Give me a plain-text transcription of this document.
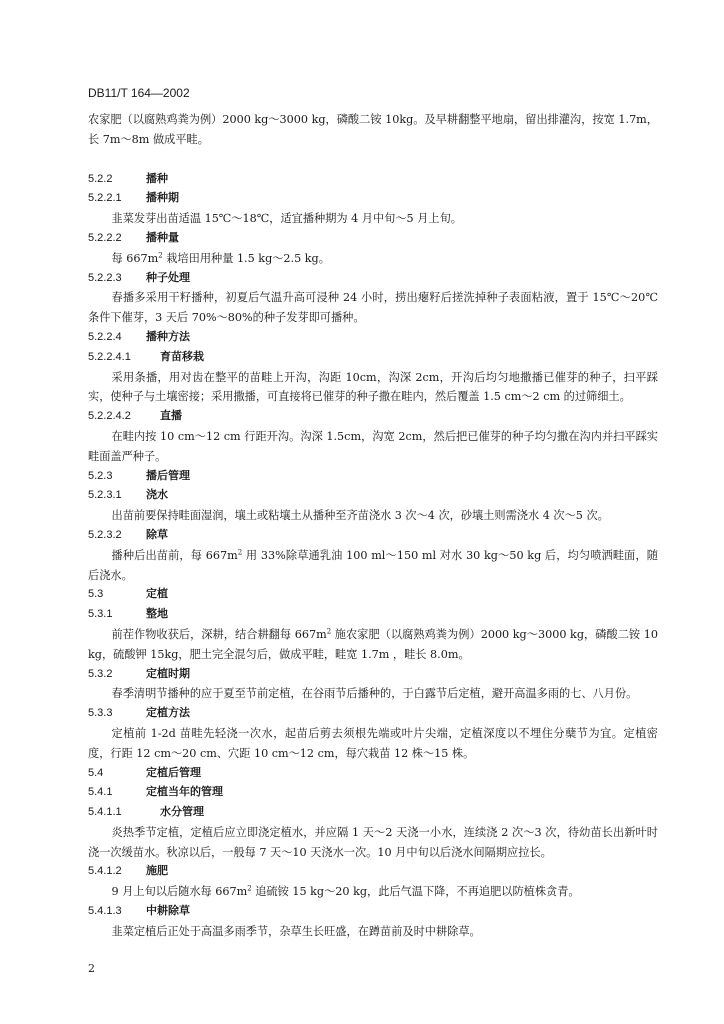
DB11/T 164—2002

农家肥（以腐熟鸡粪为例）2000 kg～3000 kg，磷酸二铵 10kg。及早耕翻整平地扇，留出排灌沟，按宽 1.7m，长 7m～8m 做成平畦。

5.2.2	播种

5.2.2.1 播种期

韭菜发芽出苗适温 15℃～18℃，适宜播种期为 4 月中旬～5 月上旬。

5.2.2.2 播种量

每 $667m^2$ 栽培田用种量 1.5 kg～2.5 kg。

5.2.2.3 种子处理

春播多采用干籽播种，初夏后气温升高可浸种 24 小时，捞出瘪籽后搓洗掉种子表面粘液，置于 15℃～20℃条件下催芽，3 天后 70%～80%的种子发芽即可播种。

5.2.2.4 播种方法

5.2.2.4.1	育苗移栽

采用条播，用对齿在整平的苗畦上开沟，沟距 10cm，沟深 2cm，开沟后均匀地撒播已催芽的种子，扫平踩实，使种子与土壤密接；采用撒播，可直接将已催芽的种子撒在畦内，然后覆盖 1.5 cm～2 cm 的过筛细土。

5.2.2.4.2	直播

在畦内按 10 cm～12 cm 行距开沟。沟深 1.5cm，沟宽 2cm，然后把已催芽的种子均匀撒在沟内并扫平踩实畦面盖严种子。

5.2.3	播后管理

5.2.3.1 浇水

出苗前要保持畦面湿润，壤土或粘壤土从播种至齐苗浇水 3 次～4 次，砂壤土则需浇水 4 次～5 次。

5.2.3.2 除草

播种后出苗前，每 $667m^2$ 用 33%除草通乳油 100 ml～150 ml 对水 30 kg～50 kg 后，均匀喷洒畦面，随后浇水。

5.3	定植

5.3.1	整地

前茬作物收获后，深耕，结合耕翻每 $667m^2$ 施农家肥（以腐熟鸡粪为例）2000 kg～3000 kg，磷酸二铵 10 kg，硫酸钾 15kg，肥土完全混匀后，做成平畦，畦宽 1.7m ，畦长 8.0m。

5.3.2	定植时期

春季清明节播种的应于夏至节前定植，在谷雨节后播种的，于白露节后定植，避开高温多雨的七、八月份。

5.3.3	定植方法

定植前 1-2d 苗畦先轻浇一次水，起苗后剪去须根先端或叶片尖端，定植深度以不埋住分蘖节为宜。定植密度，行距 12 cm～20 cm、穴距 10 cm～12 cm，每穴栽苗 12 株～15 株。

5.4	定植后管理

5.4.1	定植当年的管理

5.4.1.1	水分管理

炎热季节定植，定植后应立即浇定植水，并应隔 1 天～2 天浇一小水，连续浇 2 次～3 次，待幼苗长出新叶时浇一次缓苗水。秋凉以后，一般每 7 天～10 天浇水一次。10 月中旬以后浇水间隔期应拉长。

5.4.1.2 施肥

9 月上旬以后随水每 $667m^2$ 追硫铵 15 kg～20 kg，此后气温下降，不再追肥以防植株贪青。

5.4.1.3 中耕除草

韭菜定植后正处于高温多雨季节，杂草生长旺盛，在蹲苗前及时中耕除草。

2
